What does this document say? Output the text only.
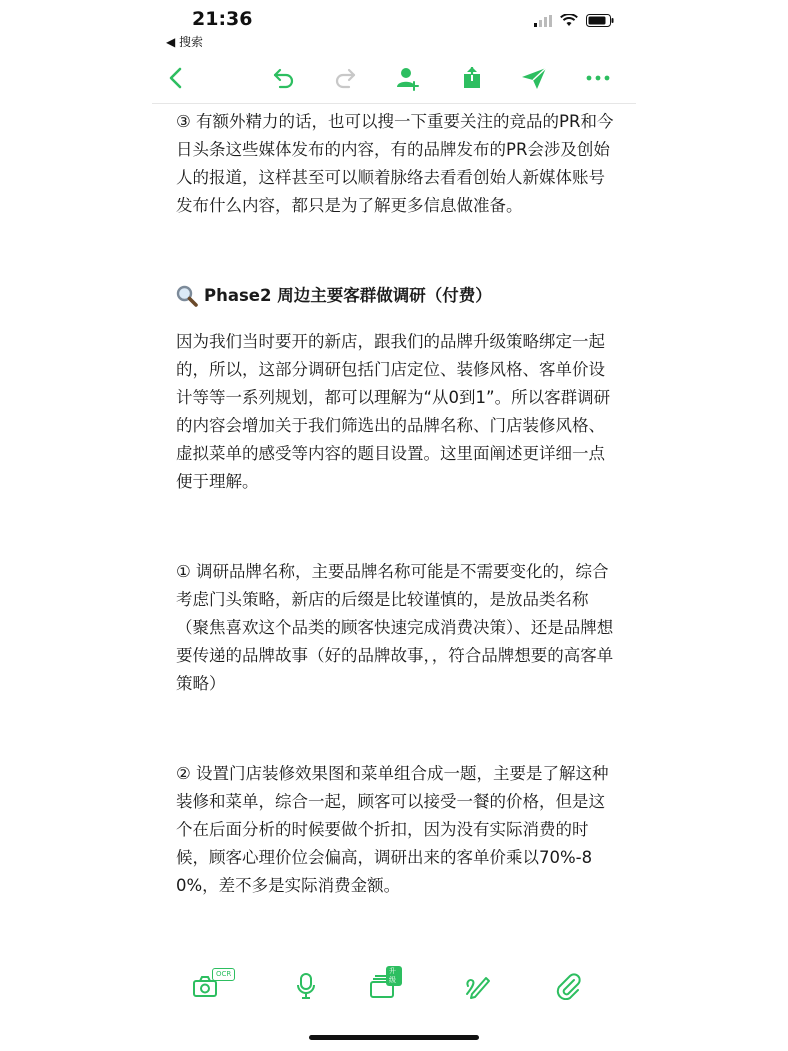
21:36
◀ 搜索

③ 有额外精力的话，也可以搜一下重要关注的竞品的PR和今日头条这些媒体发布的内容，有的品牌发布的PR会涉及创始人的报道，这样甚至可以顺着脉络去看看创始人新媒体账号发布什么内容，都只是为了解更多信息做准备。

Phase2 周边主要客群做调研（付费）

因为我们当时要开的新店，跟我们的品牌升级策略绑定一起的，所以，这部分调研包括门店定位、装修风格、客单价设计等等一系列规划，都可以理解为“从0到1”。所以客群调研的内容会增加关于我们筛选出的品牌名称、门店装修风格、虚拟菜单的感受等内容的题目设置。这里面阐述更详细一点便于理解。

① 调研品牌名称，主要品牌名称可能是不需要变化的，综合考虑门头策略，新店的后缀是比较谨慎的，是放品类名称（聚焦喜欢这个品类的顾客快速完成消费决策）、还是品牌想要传递的品牌故事（好的品牌故事，，符合品牌想要的高客单策略）

② 设置门店装修效果图和菜单组合成一题，主要是了解这种装修和菜单，综合一起，顾客可以接受一餐的价格，但是这个在后面分析的时候要做个折扣，因为没有实际消费的时候，顾客心理价位会偏高，调研出来的客单价乘以70%-80%，差不多是实际消费金额。

OCR	升级
